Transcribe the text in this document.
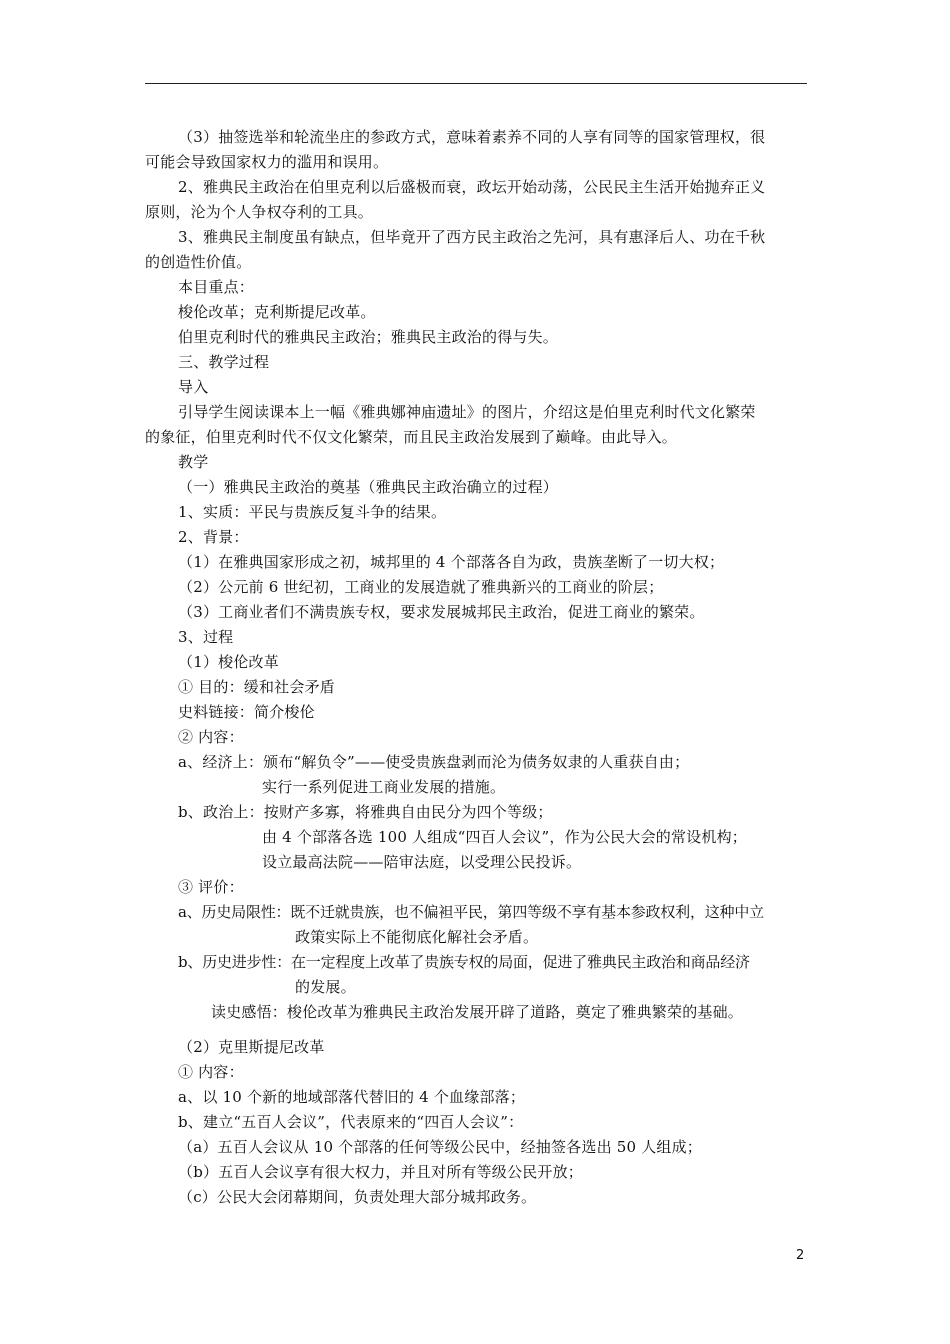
（3）抽签选举和轮流坐庄的参政方式，意味着素养不同的人享有同等的国家管理权，很
可能会导致国家权力的滥用和误用。
2、雅典民主政治在伯里克利以后盛极而衰，政坛开始动荡，公民民主生活开始抛弃正义
原则，沦为个人争权夺利的工具。
3、雅典民主制度虽有缺点，但毕竟开了西方民主政治之先河，具有惠泽后人、功在千秋
的创造性价值。
本目重点：
梭伦改革；克利斯提尼改革。
伯里克利时代的雅典民主政治；雅典民主政治的得与失。
三、教学过程
导入
引导学生阅读课本上一幅《雅典娜神庙遗址》的图片，介绍这是伯里克利时代文化繁荣
的象征，伯里克利时代不仅文化繁荣，而且民主政治发展到了巅峰。由此导入。
教学
（一）雅典民主政治的奠基（雅典民主政治确立的过程）
1、实质：平民与贵族反复斗争的结果。
2、背景：
（1）在雅典国家形成之初，城邦里的 4 个部落各自为政，贵族垄断了一切大权；
（2）公元前 6 世纪初，工商业的发展造就了雅典新兴的工商业的阶层；
（3）工商业者们不满贵族专权，要求发展城邦民主政治，促进工商业的繁荣。
3、过程
（1）梭伦改革
① 目的：缓和社会矛盾
史料链接：简介梭伦
② 内容：
a、经济上：颁布“解负令”——使受贵族盘剥而沦为债务奴隶的人重获自由；
实行一系列促进工商业发展的措施。
b、政治上：按财产多寡，将雅典自由民分为四个等级；
由 4 个部落各选 100 人组成“四百人会议”，作为公民大会的常设机构；
设立最高法院——陪审法庭，以受理公民投诉。
③ 评价：
a、历史局限性：既不迁就贵族，也不偏袒平民，第四等级不享有基本参政权利，这种中立
政策实际上不能彻底化解社会矛盾。
b、历史进步性：在一定程度上改革了贵族专权的局面，促进了雅典民主政治和商品经济
的发展。
读史感悟：梭伦改革为雅典民主政治发展开辟了道路，奠定了雅典繁荣的基础。
（2）克里斯提尼改革
① 内容：
a、以 10 个新的地域部落代替旧的 4 个血缘部落；
b、建立“五百人会议”，代表原来的“四百人会议”：
（a）五百人会议从 10 个部落的任何等级公民中，经抽签各选出 50 人组成；
（b）五百人会议享有很大权力，并且对所有等级公民开放；
（c）公民大会闭幕期间，负责处理大部分城邦政务。
2
